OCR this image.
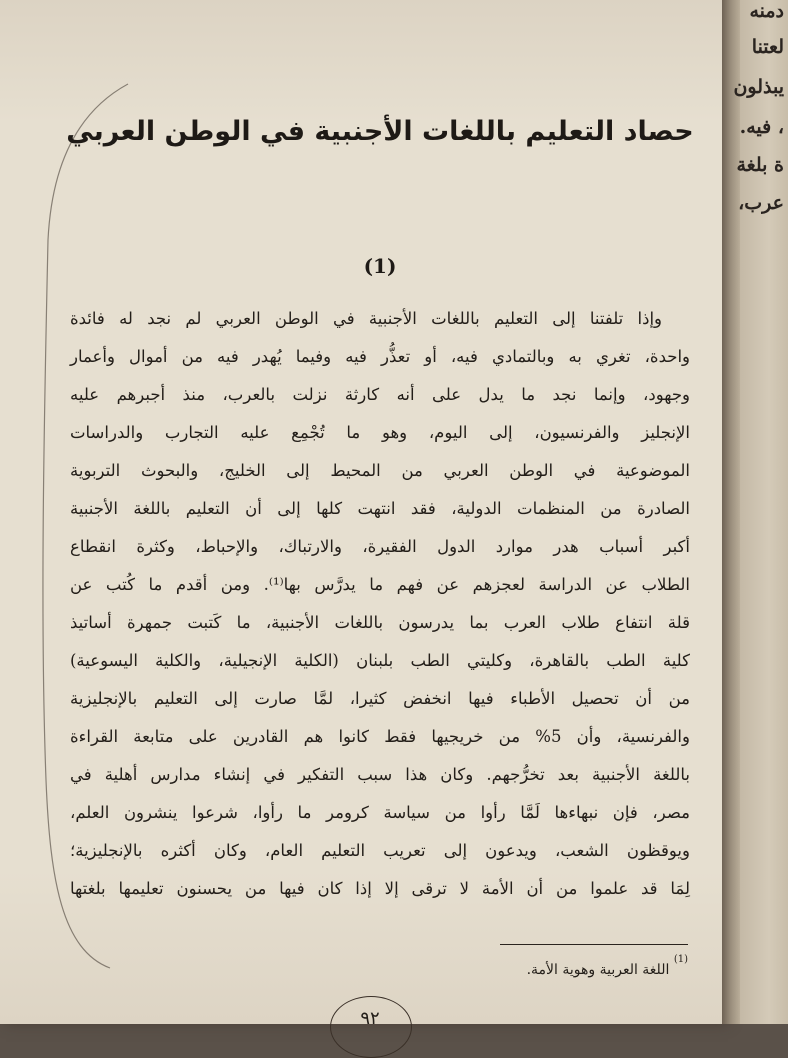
حصاد التعليم باللغات الأجنبية في الوطن العربي
(1)
وإذا تلفتنا إلى التعليم باللغات الأجنبية في الوطن العربي لم نجد له فائدة
واحدة، تغري به وبالتمادي فيه، أو تعذُّر فيه وفيما يُهدر فيه من أموال وأعمار
وجهود، وإنما نجد ما يدل على أنه كارثة نزلت بالعرب، منذ أجبرهم عليه
الإنجليز والفرنسيون، إلى اليوم، وهو ما تُجْمِع عليه التجارب والدراسات
الموضوعية في الوطن العربي من المحيط إلى الخليج، والبحوث التربوية
الصادرة من المنظمات الدولية، فقد انتهت كلها إلى أن التعليم باللغة الأجنبية
أكبر أسباب هدر موارد الدول الفقيرة، والارتباك، والإحباط، وكثرة انقطاع
الطلاب عن الدراسة لعجزهم عن فهم ما يدرَّس بها⁽¹⁾. ومن أقدم ما كُتب عن
قلة انتفاع طلاب العرب بما يدرسون باللغات الأجنبية، ما كَتبت جمهرة أساتيذ
كلية الطب بالقاهرة، وكليتي الطب بلبنان (الكلية الإنجيلية، والكلية اليسوعية)
من أن تحصيل الأطباء فيها انخفض كثيرا، لمَّا صارت إلى التعليم بالإنجليزية
والفرنسية، وأن 5% من خريجيها فقط كانوا هم القادرين على متابعة القراءة
باللغة الأجنبية بعد تخرُّجهم. وكان هذا سبب التفكير في إنشاء مدارس أهلية في
مصر، فإن نبهاءها لَمَّا رأوا من سياسة كرومر ما رأوا، شرعوا ينشرون العلم،
ويوقظون الشعب، ويدعون إلى تعريب التعليم العام، وكان أكثره بالإنجليزية؛
لِمَا قد علموا من أن الأمة لا ترقى إلا إذا كان فيها من يحسنون تعليمها بلغتها
$^{(1)}$ اللغة العربية وهوية الأمة.
٩٢
دمنه
لعتنا
يبذلون
، فيه.
ة بلغة
عرب،
